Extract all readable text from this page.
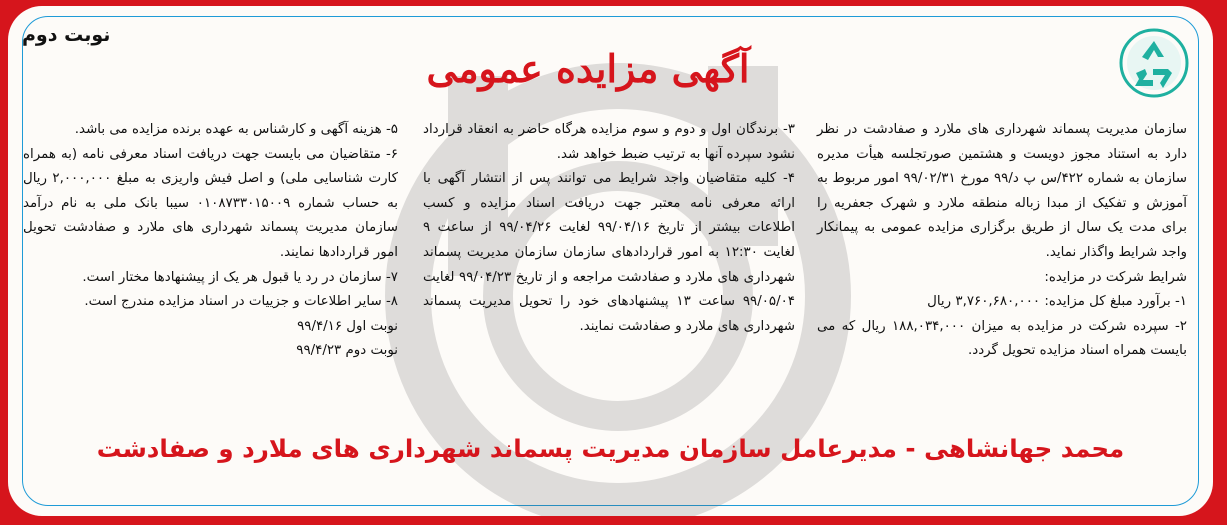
نوبت دوم
آگهی مزایده عمومی

سازمان مدیریت پسماند شهرداری های ملارد و صفادشت در نظر دارد به استناد مجوز دویست و هشتمین صورتجلسه هیأت مدیره سازمان به شماره ۴۲۲/س پ د/۹۹ مورخ ۹۹/۰۲/۳۱ امور مربوط به آموزش و تفکیک از مبدا زباله منطقه ملارد و شهرک جعفریه را برای مدت یک سال از طریق برگزاری مزایده عمومی به پیمانکار واجد شرایط واگذار نماید.

شرایط شرکت در مزایده:

۱- برآورد مبلغ کل مزایده: ۳,۷۶۰,۶۸۰,۰۰۰ ریال

۲- سپرده شرکت در مزایده به میزان ۱۸۸,۰۳۴,۰۰۰ ریال که می بایست همراه اسناد مزایده تحویل گردد.

۳- برندگان اول و دوم و سوم مزایده هرگاه حاضر به انعقاد قرارداد نشود سپرده آنها به ترتیب ضبط خواهد شد.

۴- کلیه متقاضیان واجد شرایط می توانند پس از انتشار آگهی با ارائه معرفی نامه معتبر جهت دریافت اسناد مزایده و کسب اطلاعات بیشتر از تاریخ ۹۹/۰۴/۱۶ لغایت ۹۹/۰۴/۲۶ از ساعت ۹ لغایت ۱۲:۳۰ به امور قراردادهای سازمان سازمان مدیریت پسماند شهرداری های ملارد و صفادشت مراجعه و از تاریخ ۹۹/۰۴/۲۳ لغایت ۹۹/۰۵/۰۴ ساعت ۱۳ پیشنهادهای خود را تحویل مدیریت پسماند شهرداری های ملارد و صفادشت نمایند.

۵- هزینه آگهی و کارشناس به عهده برنده مزایده می باشد.

۶- متقاضیان می بایست جهت دریافت اسناد معرفی نامه (به همراه کارت شناسایی ملی) و اصل فیش واریزی به مبلغ ۲,۰۰۰,۰۰۰ ریال به حساب شماره ۰۱۰۸۷۳۳۰۱۵۰۰۹ سیبا بانک ملی به نام درآمد سازمان مدیریت پسماند شهرداری های ملارد و صفادشت تحویل امور قراردادها نمایند.

۷- سازمان در رد یا قبول هر یک از پیشنهادها مختار است.

۸- سایر اطلاعات و جزییات در اسناد مزایده مندرج است.

نوبت اول ۹۹/۴/۱۶

نوبت دوم ۹۹/۴/۲۳

محمد جهانشاهی - مدیرعامل سازمان مدیریت پسماند شهرداری های ملارد و صفادشت
